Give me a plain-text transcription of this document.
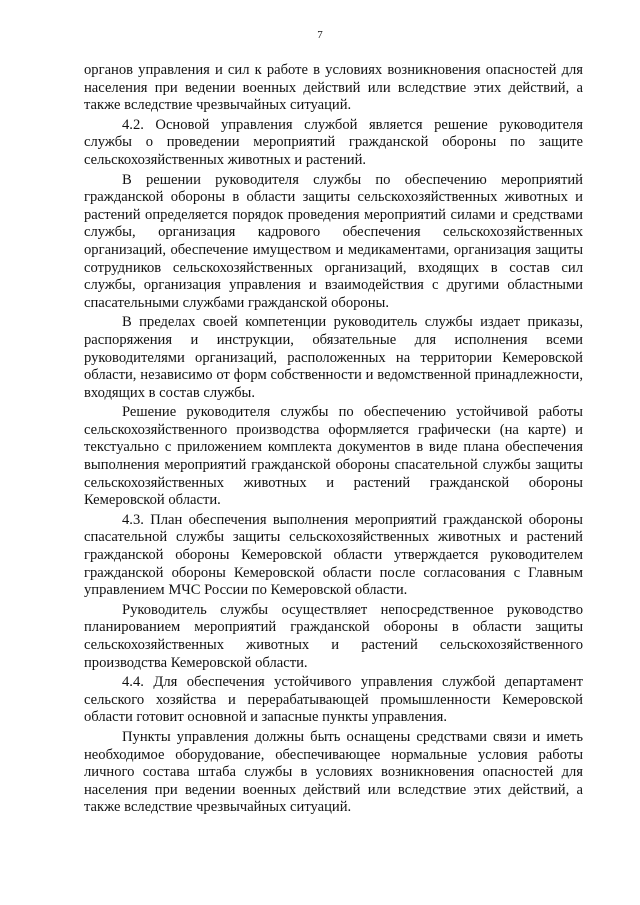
7

органов управления и сил к работе в условиях возникновения опасностей для населения при ведении военных действий или вследствие этих действий, а также вследствие чрезвычайных ситуаций.

4.2. Основой управления службой является решение руководителя службы о проведении мероприятий гражданской обороны по защите сельскохозяйственных животных и растений.

В решении руководителя службы по обеспечению мероприятий гражданской обороны в области защиты сельскохозяйственных животных и растений определяется порядок проведения мероприятий силами и средствами службы, организация кадрового обеспечения сельскохозяйственных организаций, обеспечение имуществом и медикаментами, организация защиты сотрудников сельскохозяйственных организаций, входящих в состав сил службы, организация управления и взаимодействия с другими областными спасательными службами гражданской обороны.

В пределах своей компетенции руководитель службы издает приказы, распоряжения и инструкции, обязательные для исполнения всеми руководителями организаций, расположенных на территории Кемеровской области, независимо от форм собственности и ведомственной принадлежности, входящих в состав службы.

Решение руководителя службы по обеспечению устойчивой работы сельскохозяйственного производства оформляется графически (на карте) и текстуально с приложением комплекта документов в виде плана обеспечения выполнения мероприятий гражданской обороны спасательной службы защиты сельскохозяйственных животных и растений гражданской обороны Кемеровской области.

4.3. План обеспечения выполнения мероприятий гражданской обороны спасательной службы защиты сельскохозяйственных животных и растений гражданской обороны Кемеровской области утверждается руководителем гражданской обороны Кемеровской области после согласования с Главным управлением МЧС России по Кемеровской области.

Руководитель службы осуществляет непосредственное руководство планированием мероприятий гражданской обороны в области защиты сельскохозяйственных животных и растений сельскохозяйственного производства Кемеровской области.

4.4. Для обеспечения устойчивого управления службой департамент сельского хозяйства и перерабатывающей промышленности Кемеровской области готовит основной и запасные пункты управления.

Пункты управления должны быть оснащены средствами связи и иметь необходимое оборудование, обеспечивающее нормальные условия работы личного состава штаба службы в условиях возникновения опасностей для населения при ведении военных действий или вследствие этих действий, а также вследствие чрезвычайных ситуаций.
